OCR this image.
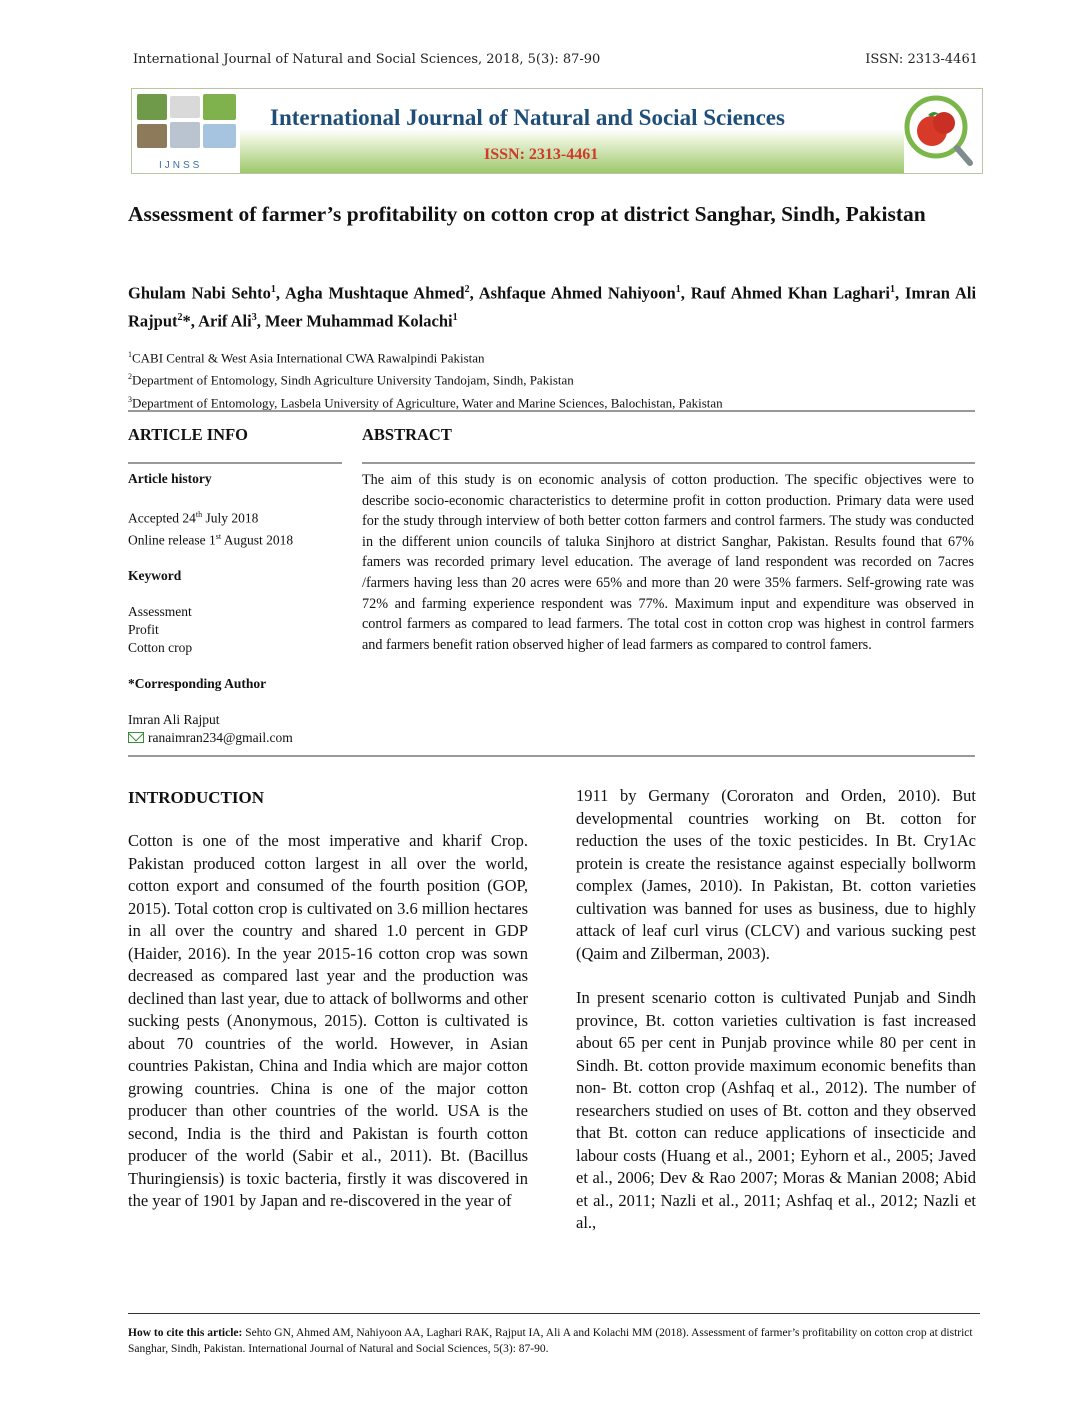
International Journal of Natural and Social Sciences, 2018, 5(3): 87-90	ISSN: 2313-4461
IJNSS
International Journal of Natural and Social Sciences
ISSN: 2313-4461
Assessment of farmer’s profitability on cotton crop at district Sanghar, Sindh, Pakistan
Ghulam Nabi Sehto$^1$, Agha Mushtaque Ahmed$^2$, Ashfaque Ahmed Nahiyoon$^1$, Rauf Ahmed Khan Laghari$^1$, Imran Ali Rajput$^2$*, Arif Ali$^3$, Meer Muhammad Kolachi$^1$
$^1$CABI Central & West Asia International CWA Rawalpindi Pakistan
$^2$Department of Entomology, Sindh Agriculture University Tandojam, Sindh, Pakistan
$^3$Department of Entomology, Lasbela University of Agriculture, Water and Marine Sciences, Balochistan, Pakistan
ARTICLE INFO	ABSTRACT
Article history
Accepted 24th July 2018
Online release 1st August 2018
Keyword
Assessment
Profit
Cotton crop
*Corresponding Author
Imran Ali Rajput
ranaimran234@gmail.com
The aim of this study is on economic analysis of cotton production. The specific objectives were to describe socio-economic characteristics to determine profit in cotton production. Primary data were used for the study through interview of both better cotton farmers and control farmers. The study was conducted in the different union councils of taluka Sinjhoro at district Sanghar, Pakistan. Results found that 67% famers was recorded primary level education. The average of land respondent was recorded on 7acres /farmers having less than 20 acres were 65% and more than 20 were 35% farmers. Self-growing rate was 72% and farming experience respondent was 77%. Maximum input and expenditure was observed in control farmers as compared to lead farmers. The total cost in cotton crop was highest in control farmers and farmers benefit ration observed higher of lead farmers as compared to control famers.
INTRODUCTION

Cotton is one of the most imperative and kharif Crop. Pakistan produced cotton largest in all over the world, cotton export and consumed of the fourth position (GOP, 2015). Total cotton crop is cultivated on 3.6 million hectares in all over the country and shared 1.0 percent in GDP (Haider, 2016). In the year 2015-16 cotton crop was sown decreased as compared last year and the production was declined than last year, due to attack of bollworms and other sucking pests (Anonymous, 2015). Cotton is cultivated is about 70 countries of the world. However, in Asian countries Pakistan, China and India which are major cotton growing countries. China is one of the major cotton producer than other countries of the world. USA is the second, India is the third and Pakistan is fourth cotton producer of the world (Sabir et al., 2011). Bt. (Bacillus Thuringiensis) is toxic bacteria, firstly it was discovered in the year of 1901 by Japan and re-discovered in the year of

1911 by Germany (Cororaton and Orden, 2010). But developmental countries working on Bt. cotton for reduction the uses of the toxic pesticides. In Bt. Cry1Ac protein is create the resistance against especially bollworm complex (James, 2010). In Pakistan, Bt. cotton varieties cultivation was banned for uses as business, due to highly attack of leaf curl virus (CLCV) and various sucking pest (Qaim and Zilberman, 2003).

In present scenario cotton is cultivated Punjab and Sindh province, Bt. cotton varieties cultivation is fast increased about 65 per cent in Punjab province while 80 per cent in Sindh. Bt. cotton provide maximum economic benefits than non- Bt. cotton crop (Ashfaq et al., 2012). The number of researchers studied on uses of Bt. cotton and they observed that Bt. cotton can reduce applications of insecticide and labour costs (Huang et al., 2001; Eyhorn et al., 2005; Javed et al., 2006; Dev & Rao 2007; Moras & Manian 2008; Abid et al., 2011; Nazli et al., 2011; Ashfaq et al., 2012; Nazli et al.,

How to cite this article: Sehto GN, Ahmed AM, Nahiyoon AA, Laghari RAK, Rajput IA, Ali A and Kolachi MM (2018). Assessment of farmer’s profitability on cotton crop at district Sanghar, Sindh, Pakistan. International Journal of Natural and Social Sciences, 5(3): 87-90.
